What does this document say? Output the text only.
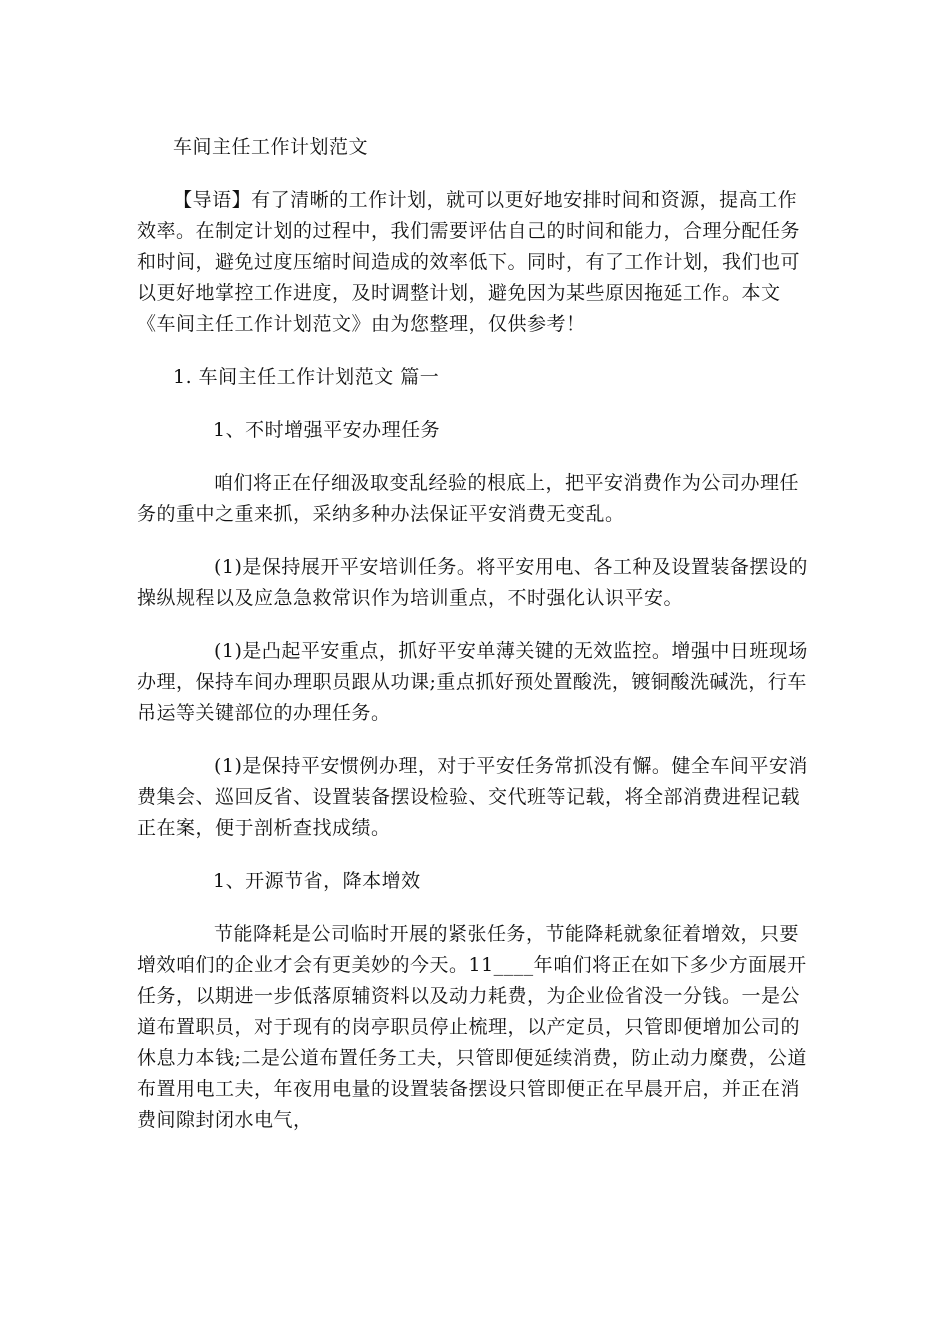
车间主任工作计划范文

【导语】有了清晰的工作计划，就可以更好地安排时间和资源，提高工作效率。在制定计划的过程中，我们需要评估自己的时间和能力，合理分配任务和时间，避免过度压缩时间造成的效率低下。同时，有了工作计划，我们也可以更好地掌控工作进度，及时调整计划，避免因为某些原因拖延工作。本文《车间主任工作计划范文》由为您整理，仅供参考！

1. 车间主任工作计划范文 篇一
1、不时增强平安办理任务

咱们将正在仔细汲取变乱经验的根底上，把平安消费作为公司办理任务的重中之重来抓，采纳多种办法保证平安消费无变乱。

(1)是保持展开平安培训任务。将平安用电、各工种及设置装备摆设的操纵规程以及应急急救常识作为培训重点，不时强化认识平安。

(1)是凸起平安重点，抓好平安单薄关键的无效监控。增强中日班现场办理，保持车间办理职员跟从功课;重点抓好预处置酸洗，镀铜酸洗碱洗，行车吊运等关键部位的办理任务。

(1)是保持平安惯例办理，对于平安任务常抓没有懈。健全车间平安消费集会、巡回反省、设置装备摆设检验、交代班等记载，将全部消费进程记载正在案，便于剖析查找成绩。

1、开源节省，降本增效

节能降耗是公司临时开展的紧张任务，节能降耗就象征着增效，只要增效咱们的企业才会有更美妙的今天。11____年咱们将正在如下多少方面展开任务，以期进一步低落原辅资料以及动力耗费，为企业俭省没一分钱。一是公道布置职员，对于现有的岗亭职员停止梳理，以产定员，只管即便增加公司的休息力本钱;二是公道布置任务工夫，只管即便延续消费，防止动力糜费，公道布置用电工夫，年夜用电量的设置装备摆设只管即便正在早晨开启，并正在消费间隙封闭水电气，
